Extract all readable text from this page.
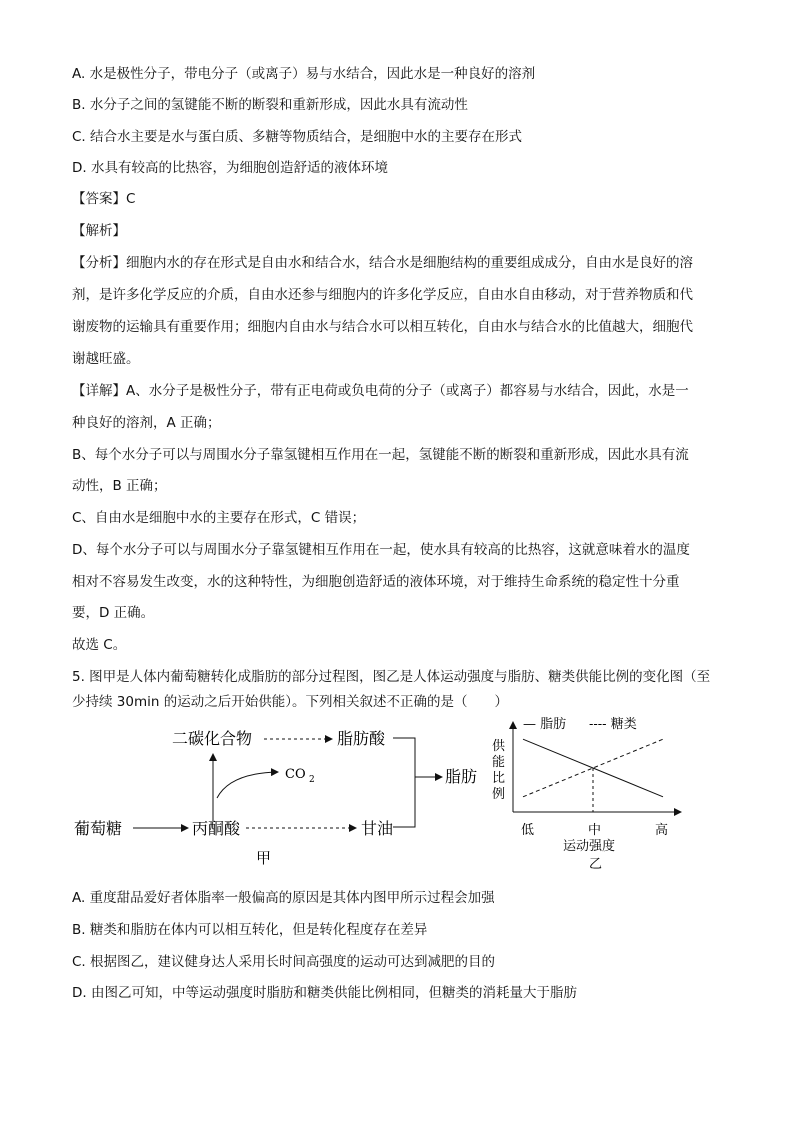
A. 水是极性分子，带电分子（或离子）易与水结合，因此水是一种良好的溶剂
B. 水分子之间的氢键能不断的断裂和重新形成，因此水具有流动性
C. 结合水主要是水与蛋白质、多糖等物质结合，是细胞中水的主要存在形式
D. 水具有较高的比热容，为细胞创造舒适的液体环境
【答案】C
【解析】
【分析】细胞内水的存在形式是自由水和结合水，结合水是细胞结构的重要组成成分，自由水是良好的溶
剂，是许多化学反应的介质，自由水还参与细胞内的许多化学反应，自由水自由移动，对于营养物质和代
谢废物的运输具有重要作用；细胞内自由水与结合水可以相互转化，自由水与结合水的比值越大，细胞代
谢越旺盛。
【详解】A、水分子是极性分子，带有正电荷或负电荷的分子（或离子）都容易与水结合，因此，水是一
种良好的溶剂，A 正确；
B、每个水分子可以与周围水分子靠氢键相互作用在一起，氢键能不断的断裂和重新形成，因此水具有流
动性，B 正确；
C、自由水是细胞中水的主要存在形式，C 错误；
D、每个水分子可以与周围水分子靠氢键相互作用在一起，使水具有较高的比热容，这就意味着水的温度
相对不容易发生改变，水的这种特性，为细胞创造舒适的液体环境，对于维持生命系统的稳定性十分重
要，D 正确。
故选 C。
5. 图甲是人体内葡萄糖转化成脂肪的部分过程图，图乙是人体运动强度与脂肪、糖类供能比例的变化图（至
少持续 30min 的运动之后开始供能）。下列相关叙述不正确的是（　　）
二碳化合物	脂肪酸
CO 2
葡萄糖	丙酮酸	甘油
脂肪
甲
— 脂肪 ---- 糖类
供
能
比
例
低	中	高
运动强度
乙
A. 重度甜品爱好者体脂率一般偏高的原因是其体内图甲所示过程会加强
B. 糖类和脂肪在体内可以相互转化，但是转化程度存在差异
C. 根据图乙，建议健身达人采用长时间高强度的运动可达到减肥的目的
D. 由图乙可知，中等运动强度时脂肪和糖类供能比例相同，但糖类的消耗量大于脂肪
